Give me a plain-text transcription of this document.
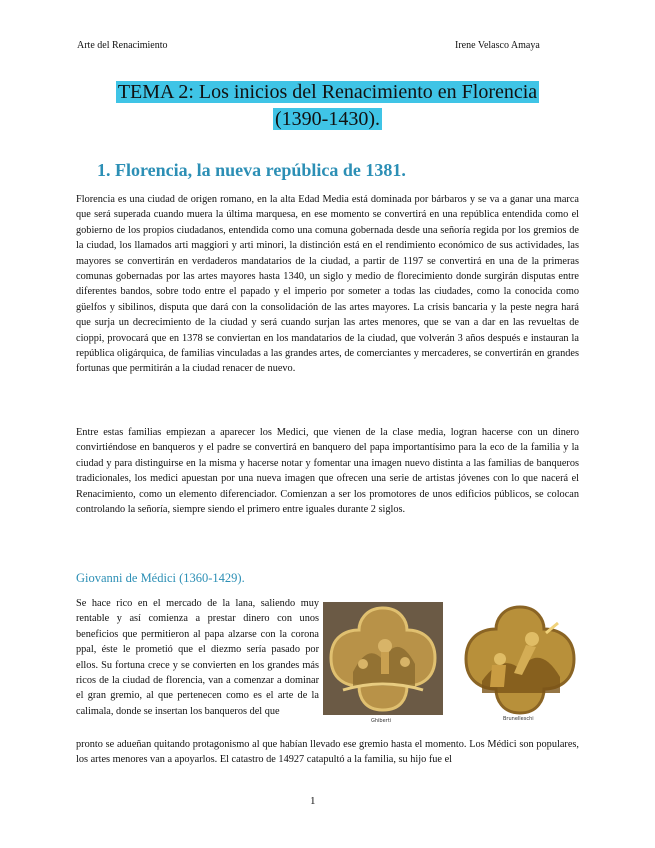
Arte del Renacimiento	Irene Velasco Amaya
TEMA 2: Los inicios del Renacimiento en Florencia
(1390-1430).
1. Florencia, la nueva república de 1381.

Florencia es una ciudad de origen romano, en la alta Edad Media está dominada por bárbaros y se va a ganar una marca que será superada cuando muera la última marquesa, en ese momento se convertirá en una república entendida como el gobierno de los propios ciudadanos, entendida como una comuna gobernada desde una señoría regida por los gremios de la ciudad, los llamados arti maggiori y arti minori, la distinción está en el rendimiento económico de sus actividades, las mayores se convertirán en verdaderos mandatarios de la ciudad, a partir de 1197 se convertirá en una de la primeras comunas gobernadas por las artes mayores hasta 1340, un siglo y medio de florecimiento donde surgirán disputas entre diferentes bandos, sobre todo entre el papado y el imperio por someter a todas las ciudades, como la conocida como güelfos y sibilinos, disputa que dará con la consolidación de las artes mayores. La crisis bancaria y la peste negra hará que surja un decrecimiento de la ciudad y será cuando surjan las artes menores, que se van a dar en las revueltas de cioppi, provocará que en 1378 se conviertan en los mandatarios de la ciudad, que volverán 3 años después e instauran la república oligárquica, de familias vinculadas a las grandes artes, de comerciantes y mercaderes, se convertirán en grandes fortunas que permitirán a la ciudad renacer de nuevo.

Entre estas familias empiezan a aparecer los Medici, que vienen de la clase media, logran hacerse con un dinero convirtiéndose en banqueros y el padre se convertirá en banquero del papa importantísimo para la eco de la familia y la ciudad y para distinguirse en la misma y hacerse notar y fomentar una imagen nuevo distinta a las familias de banqueros tradicionales, los medici apuestan por una nueva imagen que ofrecen una serie de artistas jóvenes con lo que nacerá el Renacimiento, como un elemento diferenciador. Comienzan a ser los promotores de unos edificios públicos, se colocan controlando la señoría, siempre siendo el primero entre iguales durante 2 siglos.

Giovanni de Médici (1360-1429).

Se hace rico en el mercado de la lana, saliendo muy rentable y así comienza a prestar dinero con unos beneficios que permitieron al papa alzarse con la corona ppal, éste le prometió que el diezmo sería pasado por ellos. Su fortuna crece y se convierten en los grandes más ricos de la ciudad de florencia, van a comenzar a dominar el gran gremio, al que pertenecen como es el arte de la calimala, donde se insertan los banqueros del que

Ghiberti	Brunelleschi

pronto se adueñan quitando protagonismo al que habían llevado ese gremio hasta el momento. Los Médici son populares, los artes menores van a apoyarlos. El catastro de 14927 catapultó a la familia, su hijo fue el

1
